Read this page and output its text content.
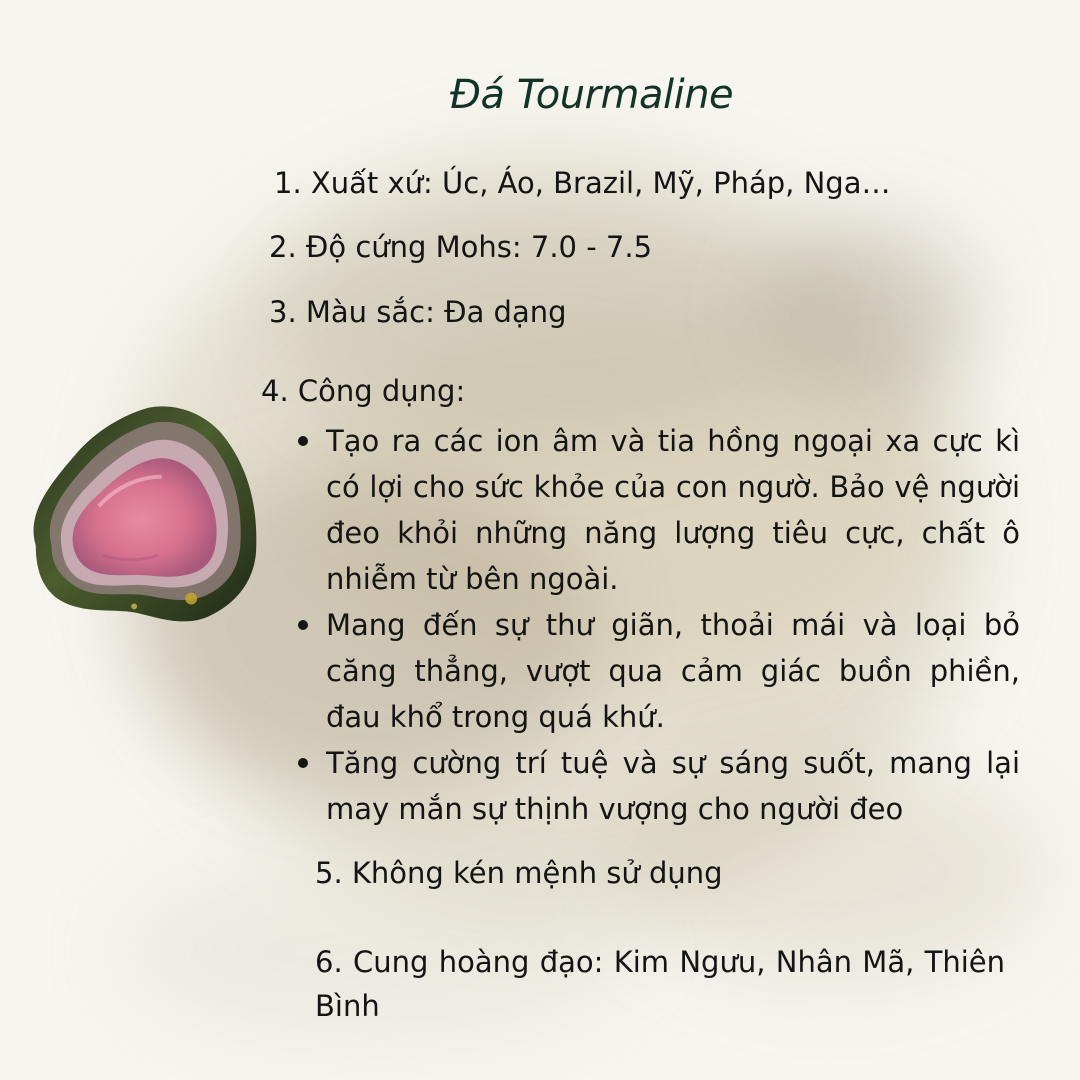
Đá Tourmaline

1. Xuất xứ: Úc, Áo, Brazil, Mỹ, Pháp, Nga…

2. Độ cứng Mohs: 7.0 - 7.5

3. Màu sắc: Đa dạng

4. Công dụng:

Tạo ra các ion âm và tia hồng ngoại xa cực kì có lợi cho sức khỏe của con ngườ. Bảo vệ người đeo khỏi những năng lượng tiêu cực, chất ô nhiễm từ bên ngoài.
Mang đến sự thư giãn, thoải mái và loại bỏ căng thẳng, vượt qua cảm giác buồn phiền, đau khổ trong quá khứ.
Tăng cường trí tuệ và sự sáng suốt, mang lại may mắn sự thịnh vượng cho người đeo

5. Không kén mệnh sử dụng

6. Cung hoàng đạo: Kim Ngưu, Nhân Mã, Thiên Bình
